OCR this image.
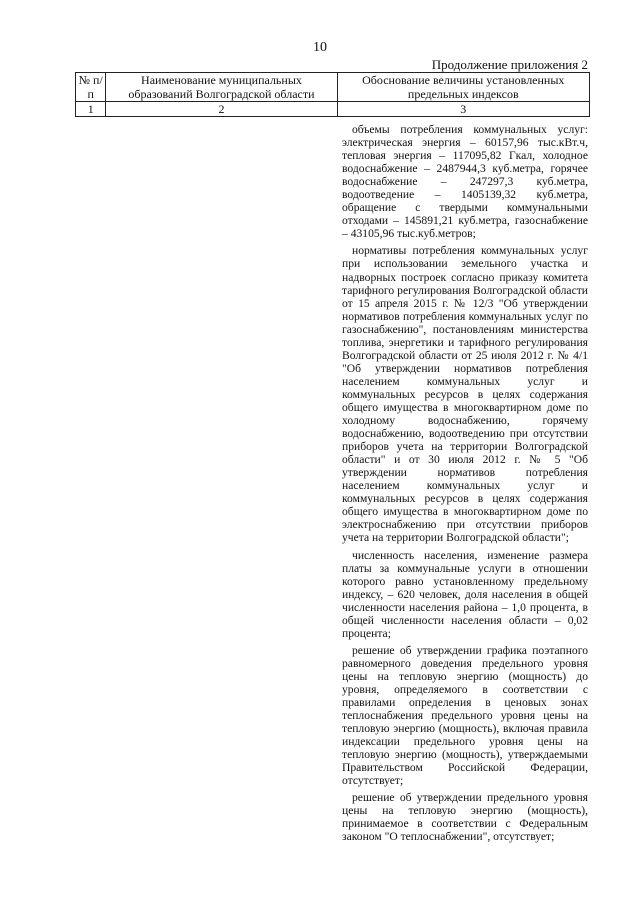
10
Продолжение приложения 2
№ п/п	Наименование муниципальных образований Волгоградской области	Обоснование величины установленных предельных индексов
1	2	3

объемы потребления коммунальных услуг: электрическая энергия – 60157,96 тыс.кВт.ч, тепловая энергия – 117095,82 Гкал, холодное водоснабжение – 2487944,3 куб.метра, горячее водоснабжение – 247297,3 куб.метра, водоотведение – 1405139,32 куб.метра, обращение с твердыми коммунальными отходами – 145891,21 куб.метра, газоснабжение – 43105,96 тыс.куб.метров;

нормативы потребления коммунальных услуг при использовании земельного участка и надворных построек согласно приказу комитета тарифного регулирования Волгоградской области от 15 апреля 2015 г. № 12/3 "Об утверждении нормативов потребления коммунальных услуг по газоснабжению", постановлениям министерства топлива, энергетики и тарифного регулирования Волгоградской области от 25 июля 2012 г. № 4/1 "Об утверждении нормативов потребления населением коммунальных услуг и коммунальных ресурсов в целях содержания общего имущества в многоквартирном доме по холодному водоснабжению, горячему водоснабжению, водоотведению при отсутствии приборов учета на территории Волгоградской области" и от 30 июля 2012 г. № 5 "Об утверждении нормативов потребления населением коммунальных услуг и коммунальных ресурсов в целях содержания общего имущества в многоквартирном доме по электроснабжению при отсутствии приборов учета на территории Волгоградской области";

численность населения, изменение размера платы за коммунальные услуги в отношении которого равно установленному предельному индексу, – 620 человек, доля населения в общей численности населения района – 1,0 процента, в общей численности населения области – 0,02 процента;

решение об утверждении графика поэтапного равномерного доведения предельного уровня цены на тепловую энергию (мощность) до уровня, определяемого в соответствии с правилами определения в ценовых зонах теплоснабжения предельного уровня цены на тепловую энергию (мощность), включая правила индексации предельного уровня цены на тепловую энергию (мощность), утверждаемыми Правительством Российской Федерации, отсутствует;

решение об утверждении предельного уровня цены на тепловую энергию (мощность), принимаемое в соответствии с Федеральным законом "О теплоснабжении", отсутствует;
